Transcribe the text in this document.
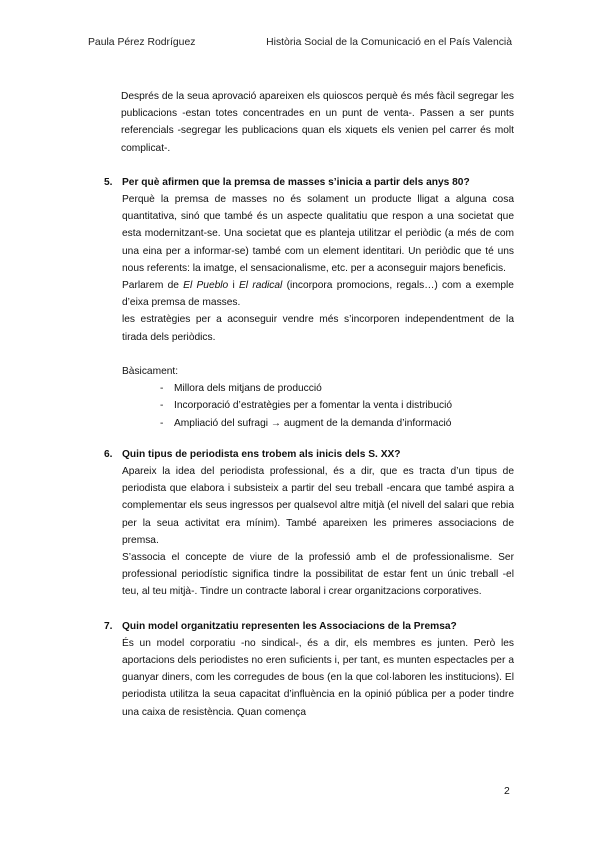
Paula Pérez Rodríguez	Història Social de la Comunicació en el País Valencià

Després de la seua aprovació apareixen els quioscos perquè és més fàcil segregar les publicacions -estan totes concentrades en un punt de venta-. Passen a ser punts referencials -segregar les publicacions quan els xiquets els venien pel carrer és molt complicat-.

5. Per què afirmen que la premsa de masses s’inicia a partir dels anys 80?

Perquè la premsa de masses no és solament un producte lligat a alguna cosa quantitativa, sinó que també és un aspecte qualitatiu que respon a una societat que esta modernitzant-se. Una societat que es planteja utilitzar el periòdic (a més de com una eina per a informar-se) també com un element identitari. Un periòdic que té uns nous referents: la imatge, el sensacionalisme, etc. per a aconseguir majors beneficis.

Parlarem de El Pueblo i El radical (incorpora promocions, regals…) com a exemple d’eixa premsa de masses.

les estratègies per a aconseguir vendre més s’incorporen independentment de la tirada dels periòdics.

Bàsicament:

- Millora dels mitjans de producció
- Incorporació d’estratègies per a fomentar la venta i distribució
- Ampliació del sufragi → augment de la demanda d’informació
6. Quin tipus de periodista ens trobem als inicis dels S. XX?

Apareix la idea del periodista professional, és a dir, que es tracta d’un tipus de periodista que elabora i subsisteix a partir del seu treball -encara que també aspira a complementar els seus ingressos per qualsevol altre mitjà (el nivell del salari que rebia per la seua activitat era mínim). També apareixen les primeres associacions de premsa.

S’associa el concepte de viure de la professió amb el de professionalisme. Ser professional periodístic significa tindre la possibilitat de estar fent un únic treball -el teu, al teu mitjà-. Tindre un contracte laboral i crear organitzacions corporatives.

7. Quin model organitzatiu representen les Associacions de la Premsa?

És un model corporatiu -no sindical-, és a dir, els membres es junten. Però les aportacions dels periodistes no eren suficients i, per tant, es munten espectacles per a guanyar diners, com les corregudes de bous (en la que col·laboren les institucions). El periodista utilitza la seua capacitat d’influència en la opinió pública per a poder tindre una caixa de resistència. Quan comença

2
